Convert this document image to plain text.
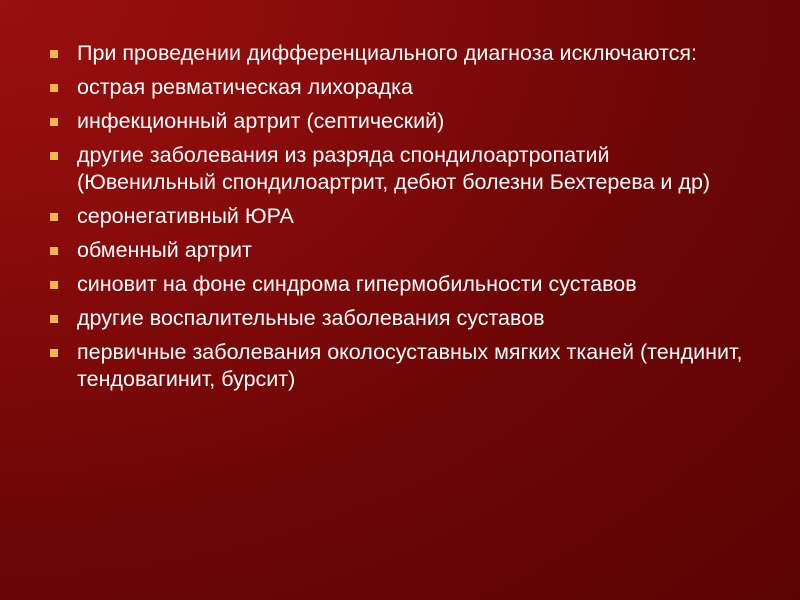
При проведении дифференциального диагноза исключаются:
острая ревматическая лихорадка
инфекционный артрит (септический)
другие заболевания из разряда спондилоартропатий (Ювенильный спондилоартрит, дебют болезни Бехтерева и др)
серонегативный ЮРА
обменный артрит
синовит на фоне синдрома гипермобильности суставов
другие воспалительные заболевания суставов
первичные заболевания околосуставных мягких тканей (тендинит, тендовагинит, бурсит)
